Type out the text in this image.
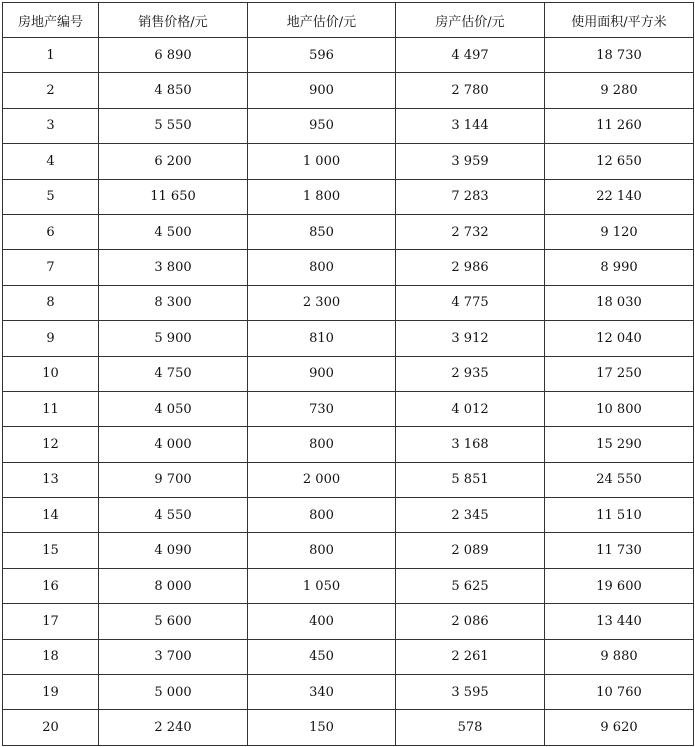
房地产编号	销售价格/元	地产估价/元	房产估价/元	使用面积/平方米
1	6 890	596	4 497	18 730
2	4 850	900	2 780	9 280
3	5 550	950	3 144	11 260
4	6 200	1 000	3 959	12 650
5	11 650	1 800	7 283	22 140
6	4 500	850	2 732	9 120
7	3 800	800	2 986	8 990
8	8 300	2 300	4 775	18 030
9	5 900	810	3 912	12 040
10	4 750	900	2 935	17 250
11	4 050	730	4 012	10 800
12	4 000	800	3 168	15 290
13	9 700	2 000	5 851	24 550
14	4 550	800	2 345	11 510
15	4 090	800	2 089	11 730
16	8 000	1 050	5 625	19 600
17	5 600	400	2 086	13 440
18	3 700	450	2 261	9 880
19	5 000	340	3 595	10 760
20	2 240	150	578	9 620
